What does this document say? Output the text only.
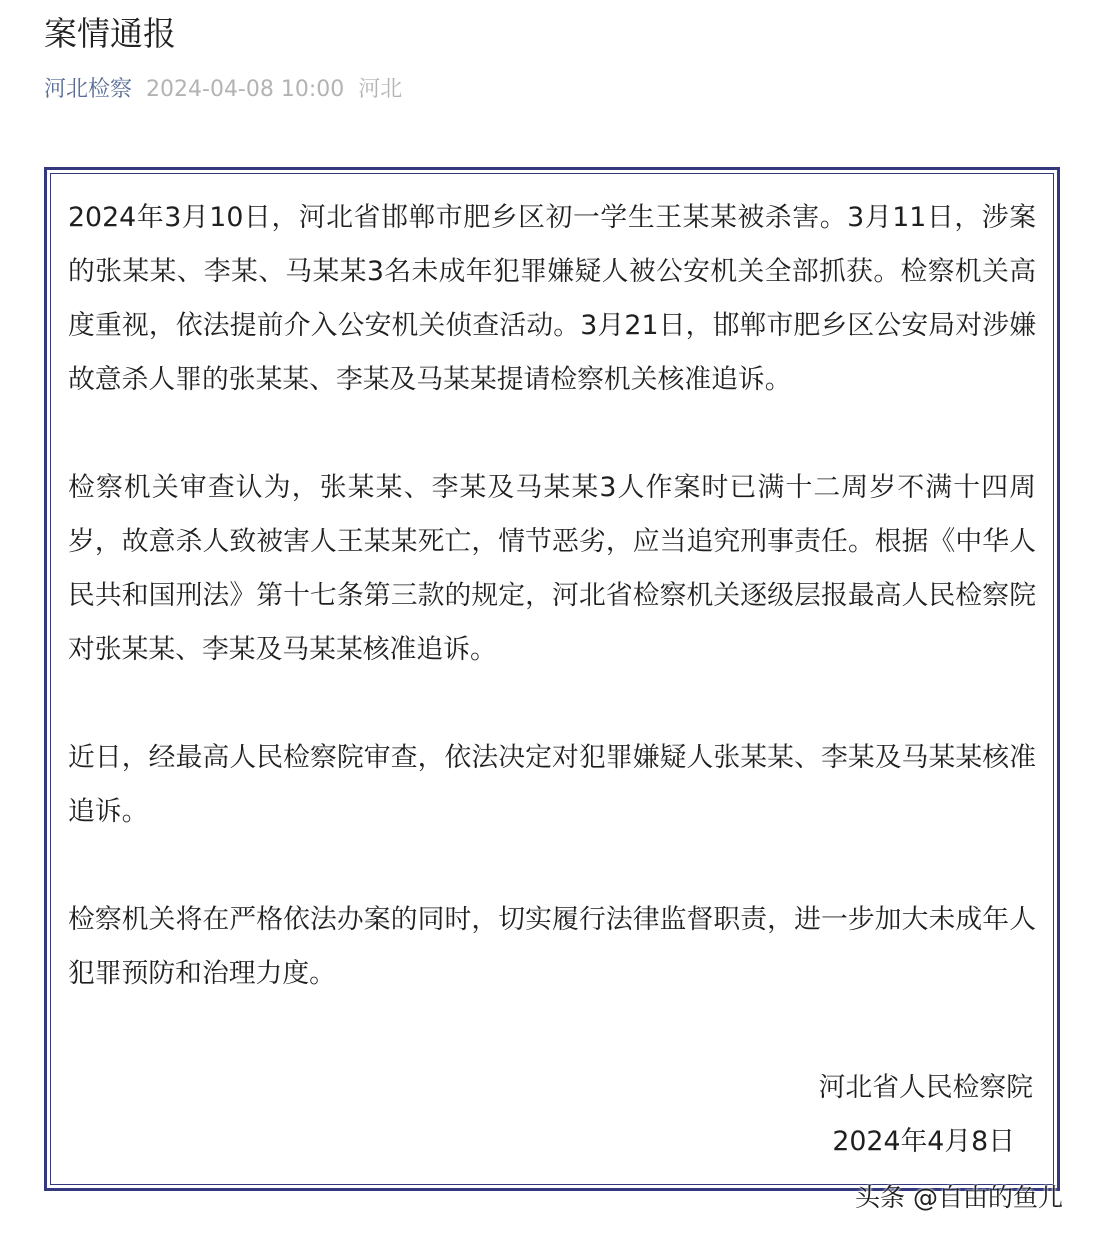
案情通报
河北检察 2024-04-08 10:00 河北

2024年3月10日，河北省邯郸市肥乡区初一学生王某某被杀害。3月11日，涉案的张某某、李某、马某某3名未成年犯罪嫌疑人被公安机关全部抓获。检察机关高度重视，依法提前介入公安机关侦查活动。3月21日，邯郸市肥乡区公安局对涉嫌故意杀人罪的张某某、李某及马某某提请检察机关核准追诉。

检察机关审查认为，张某某、李某及马某某3人作案时已满十二周岁不满十四周岁，故意杀人致被害人王某某死亡，情节恶劣，应当追究刑事责任。根据《中华人民共和国刑法》第十七条第三款的规定，河北省检察机关逐级层报最高人民检察院对张某某、李某及马某某核准追诉。

近日，经最高人民检察院审查，依法决定对犯罪嫌疑人张某某、李某及马某某核准追诉。

检察机关将在严格依法办案的同时，切实履行法律监督职责，进一步加大未成年人犯罪预防和治理力度。

河北省人民检察院
2024年4月8日
头条 @自由的鱼儿
